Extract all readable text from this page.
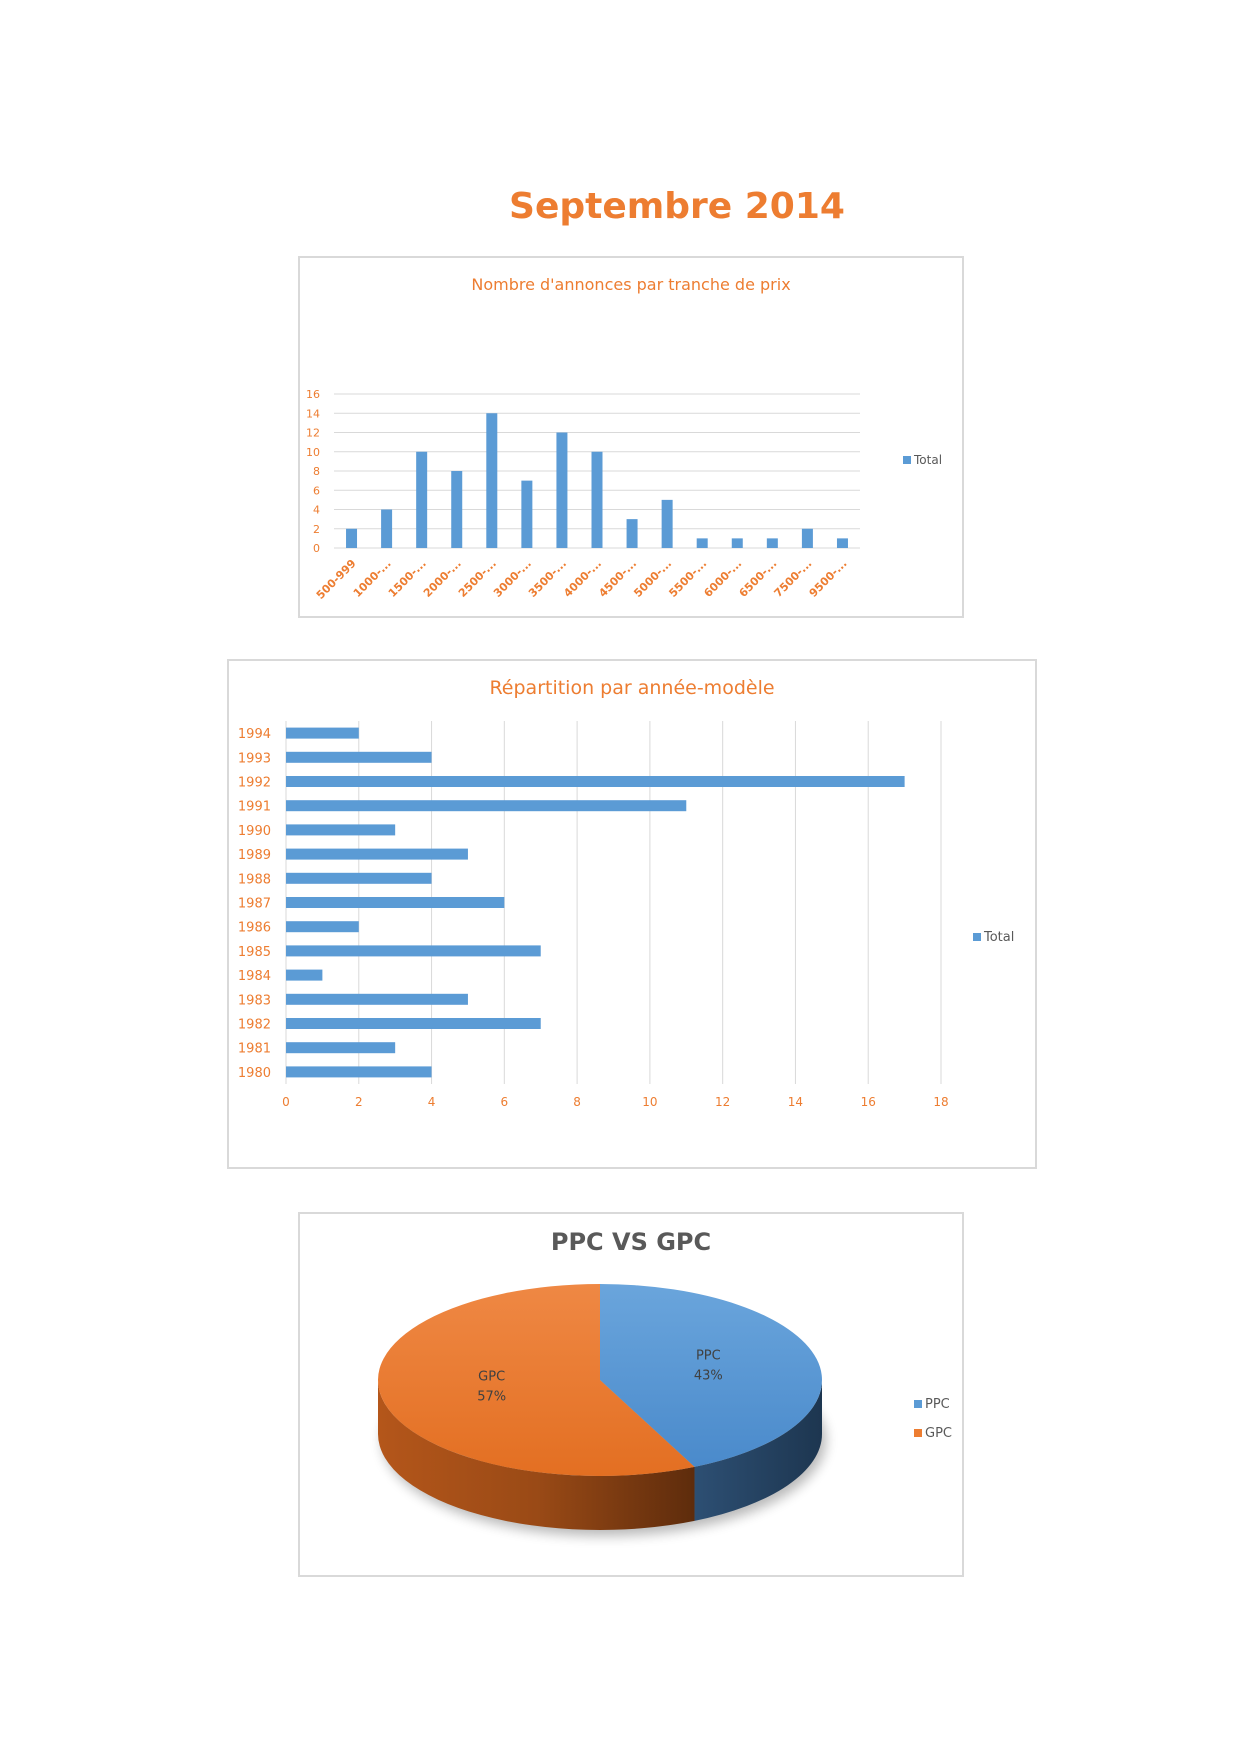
Septembre 2014
Nombre d'annonces par tranche de prix
0
2
4
6
8
10
12
14
16
500-999
1000-...
1500-...
2000-...
2500-...
3000-...
3500-...
4000-...
4500-...
5000-...
5500-...
6000-...
6500-...
7500-...
9500-...
Total
Répartition par année-modèle
0	2	4	6	8	10	12	14	16	18
1994
1993
1992
1991
1990
1989
1988
1987
1986
1985
1984
1983
1982
1981
1980
Total
PPC VS GPC
PPC
43%
GPC
57%
PPC
GPC
